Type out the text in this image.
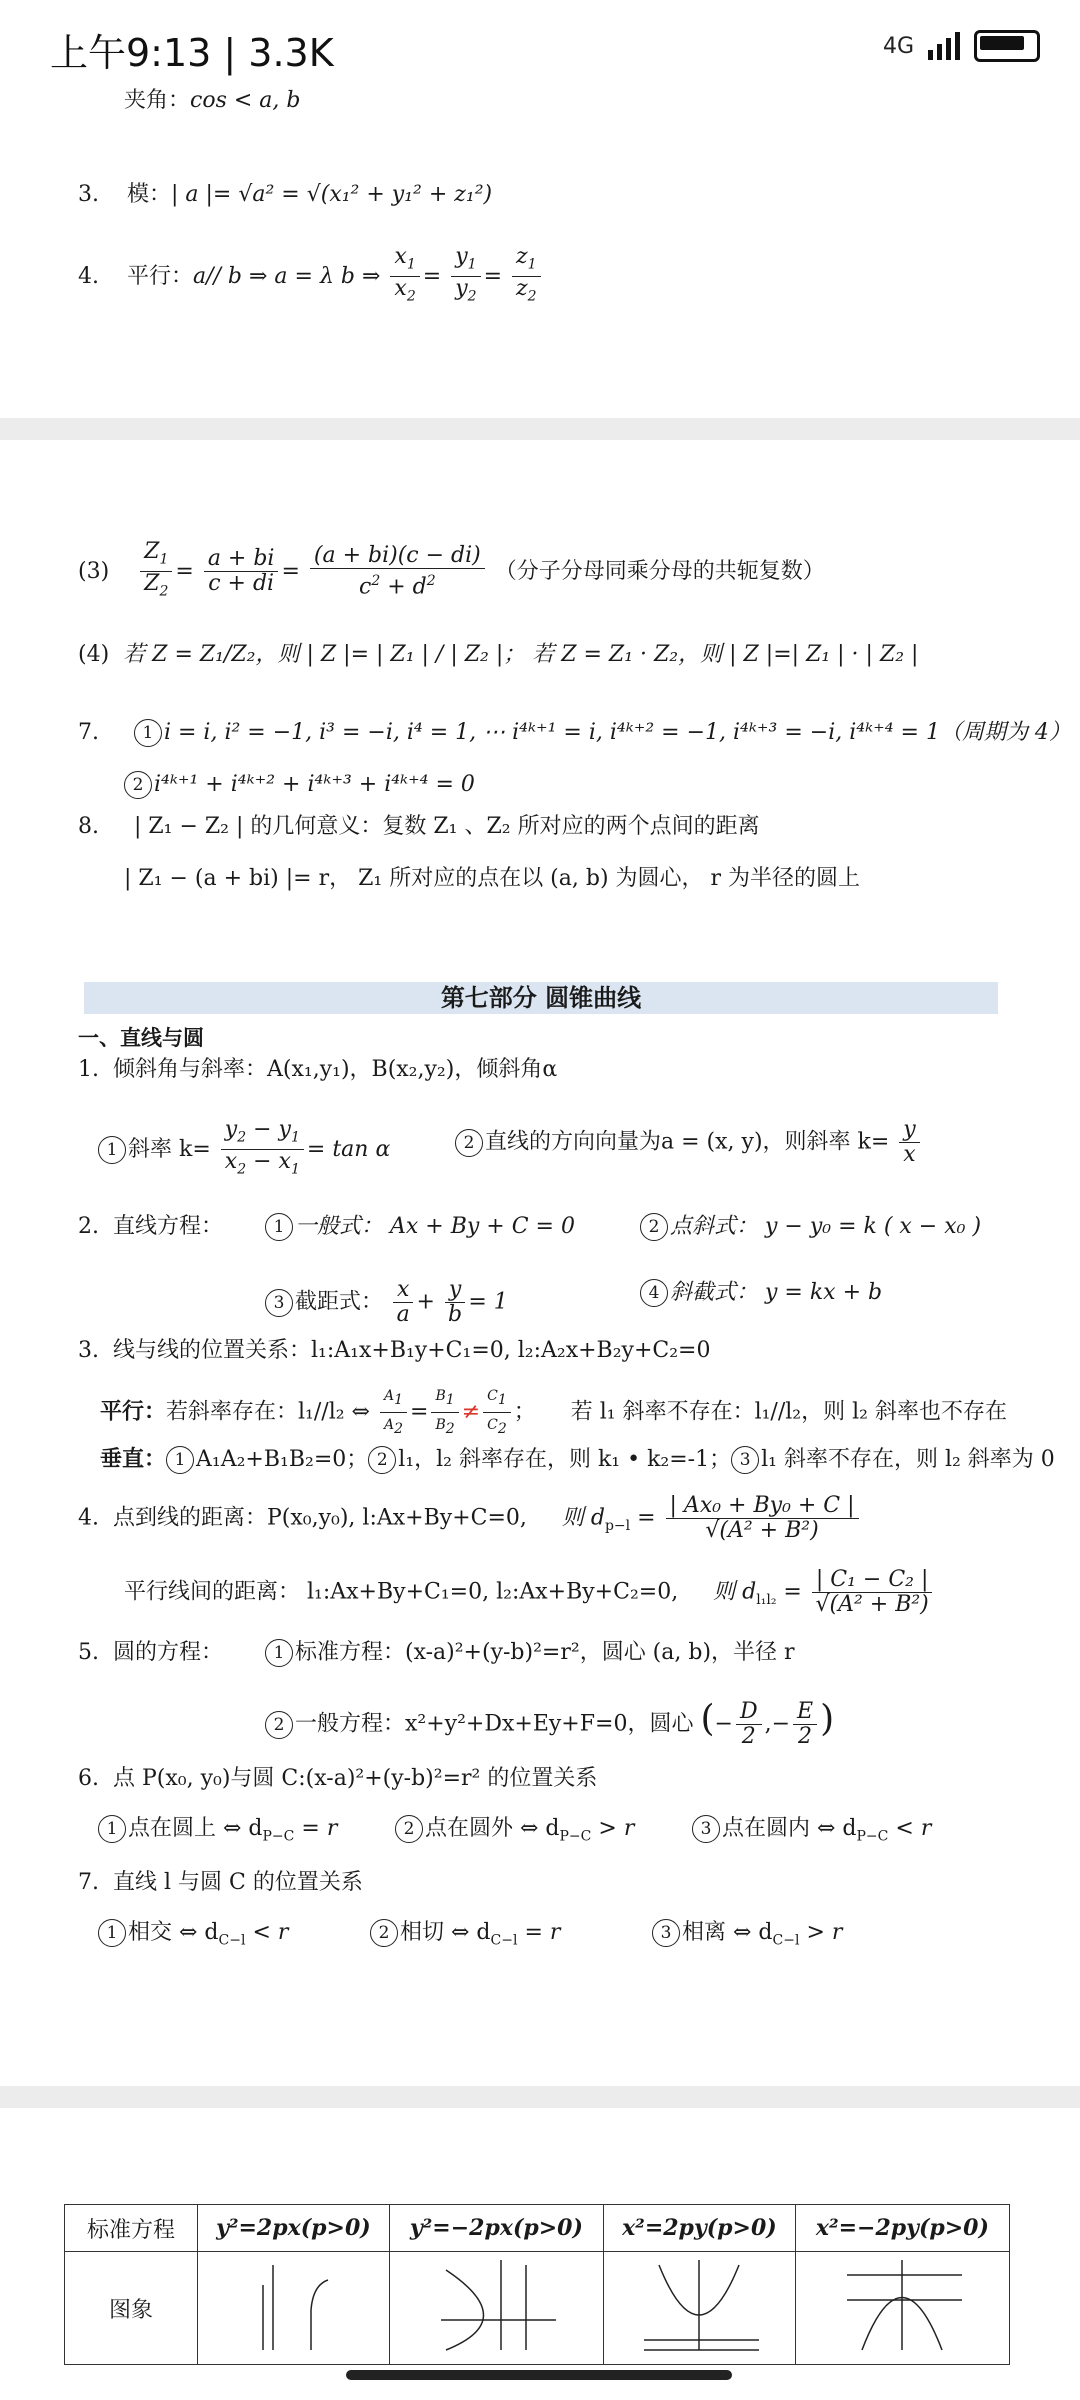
上午9:13 | 3.3K	4G
夹角：cos < a, b
3. 模：| a |= √a² = √(x₁² + y₁² + z₁²)
4. 平行：a// b ⇒ a = λ b ⇒ $\frac{x_1}{x_2} = \frac{y_1}{y_2} = \frac{z_1}{z_2}$
$(3) \frac{Z_1}{Z_2} = \frac{a + bi}{c + di} = \frac{(a + bi)(c - di)}{c^2 + d^2}$ （分子分母同乘分母的共轭复数）
(4) 若 Z = Z₁/Z₂，则 | Z |= | Z₁ | / | Z₂ |； 若 Z = Z₁ · Z₂，则 | Z |=| Z₁ | · | Z₂ |
7.	1 i = i, i² = −1, i³ = −i, i⁴ = 1, ⋯ i⁴ᵏ⁺¹ = i, i⁴ᵏ⁺² = −1, i⁴ᵏ⁺³ = −i, i⁴ᵏ⁺⁴ = 1（周期为 4）
2 i⁴ᵏ⁺¹ + i⁴ᵏ⁺² + i⁴ᵏ⁺³ + i⁴ᵏ⁺⁴ = 0
8. | Z₁ − Z₂ | 的几何意义：复数 Z₁ 、Z₂ 所对应的两个点间的距离
| Z₁ − (a + bi) |= r， Z₁ 所对应的点在以 (a, b) 为圆心， r 为半径的圆上
第七部分 圆锥曲线
一、直线与圆
1. 倾斜角与斜率：A(x₁,y₁)，B(x₂,y₂)，倾斜角α
1 斜率 $k= \frac{y_2 - y_1}{x_2 - x_1} = \tan \alpha$	2 直线的方向向量为a = (x, y)，则斜率 $k= \frac{y}{x}$
2. 直线方程：	1 一般式： Ax + By + C = 0	2 点斜式： y − y₀ = k ( x − x₀ )
3 截距式： $\frac{x}{a} + \frac{y}{b} = 1$	4 斜截式： y = kx + b
3. 线与线的位置关系：l₁:A₁x+B₁y+C₁=0, l₂:A₂x+B₂y+C₂=0
平行：若斜率存在：l₁//l₂ ⇔ $\frac{A_1}{A_2} = \frac{B_1}{B_2} \ne \frac{C_1}{C_2}$ ；     若 l₁ 斜率不存在：l₁//l₂，则 l₂ 斜率也不存在
垂直： 1 A₁A₂+B₁B₂=0； 2 l₁，l₂ 斜率存在，则 k₁ • k₂=-1； 3 l₁ 斜率不存在，则 l₂ 斜率为 0
4. 点到线的距离：P(x₀,y₀), l:Ax+By+C=0, 则 $d_{p-l} = \frac{\text{| Ax₀ + By₀ + C |}}{\text{√(A² + B²)}}$
平行线间的距离： l₁:Ax+By+C₁=0, l₂:Ax+By+C₂=0, 则 $d_{l_1l_2} = \frac{\text{| C₁ − C₂ |}}{\text{√(A² + B²)}}$
5. 圆的方程：	1 标准方程：(x-a)²+(y-b)²=r²，圆心 (a, b)，半径 r
2 一般方程：x²+y²+Dx+Ey+F=0，圆心 (− $\frac{D}{2}$ ,− $\frac{E}{2}$ )
6. 点 P(x₀, y₀)与圆 C:(x-a)²+(y-b)²=r² 的位置关系
1 点在圆上 ⇔ $d_{P-C} = r$	2 点在圆外 ⇔ $d_{P-C} > r$	3 点在圆内 ⇔ $d_{P-C} < r$
7. 直线 l 与圆 C 的位置关系
1 相交 ⇔ $d_{C-l} < r$	2 相切 ⇔ $d_{C-l} = r$	3 相离 ⇔ $d_{C-l} > r$
标准方程	y²=2px(p>0)	y²=−2px(p>0)	x²=2py(p>0)	x²=−2py(p>0)
图象				
